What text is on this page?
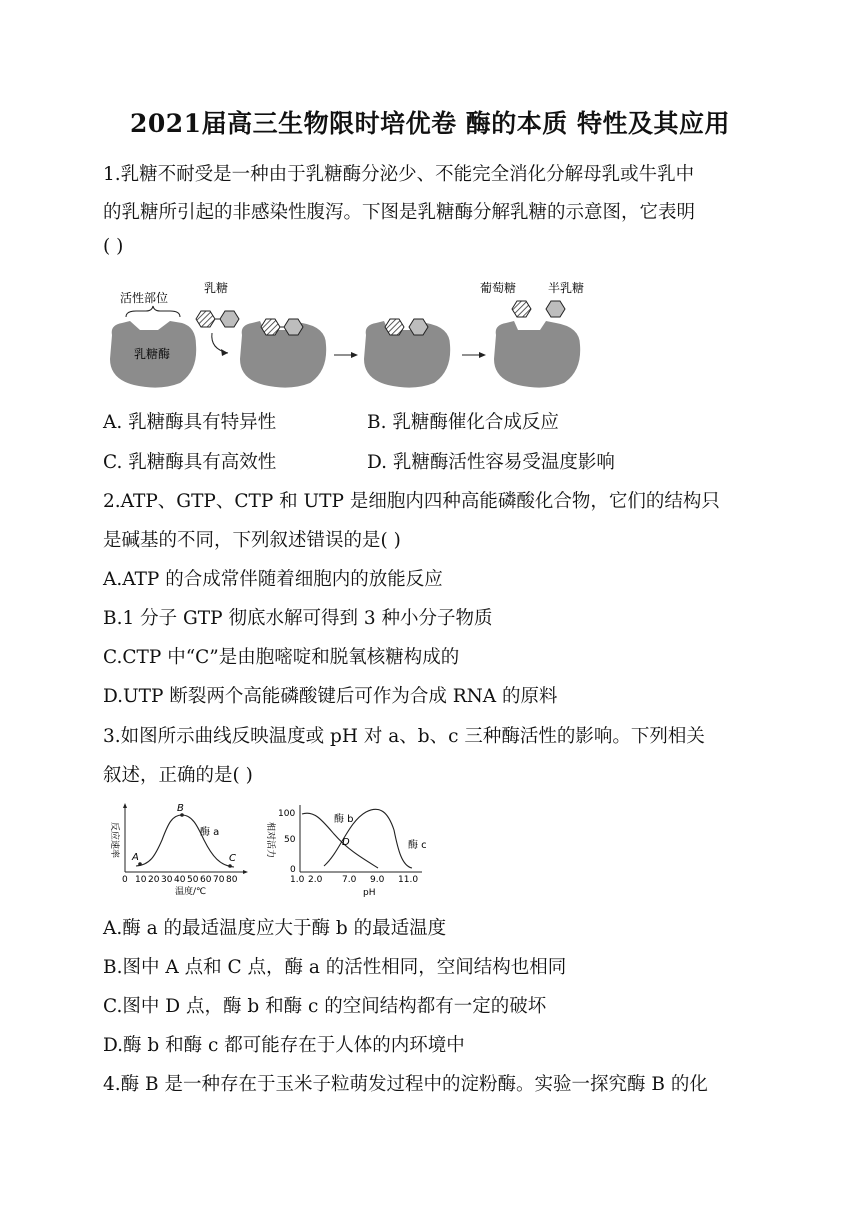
2021届高三生物限时培优卷 酶的本质 特性及其应用
1.乳糖不耐受是一种由于乳糖酶分泌少、不能完全消化分解母乳或牛乳中
的乳糖所引起的非感染性腹泻。下图是乳糖酶分解乳糖的示意图，它表明
( )
活性部位
乳糖酶
乳糖	葡萄糖	半乳糖
A. 乳糖酶具有特异性	B. 乳糖酶催化合成反应
C. 乳糖酶具有高效性	D. 乳糖酶活性容易受温度影响
2.ATP、GTP、CTP 和 UTP 是细胞内四种高能磷酸化合物，它们的结构只
是碱基的不同，下列叙述错误的是( )
A.ATP 的合成常伴随着细胞内的放能反应
B.1 分子 GTP 彻底水解可得到 3 种小分子物质
C.CTP 中“C”是由胞嘧啶和脱氧核糖构成的
D.UTP 断裂两个高能磷酸键后可作为合成 RNA 的原料
3.如图所示曲线反映温度或 pH 对 a、b、c 三种酶活性的影响。下列相关
叙述，正确的是( )
反应速率 A
B
C
酶 a
0 10 20 30 40 50 60 70 80
温度/℃
相对活力
100
50
0
酶 b
D	酶 c
1.0 2.0 7.0 9.0 11.0
pH
A.酶 a 的最适温度应大于酶 b 的最适温度
B.图中 A 点和 C 点，酶 a 的活性相同，空间结构也相同
C.图中 D 点，酶 b 和酶 c 的空间结构都有一定的破坏
D.酶 b 和酶 c 都可能存在于人体的内环境中
4.酶 B 是一种存在于玉米子粒萌发过程中的淀粉酶。实验一探究酶 B 的化
